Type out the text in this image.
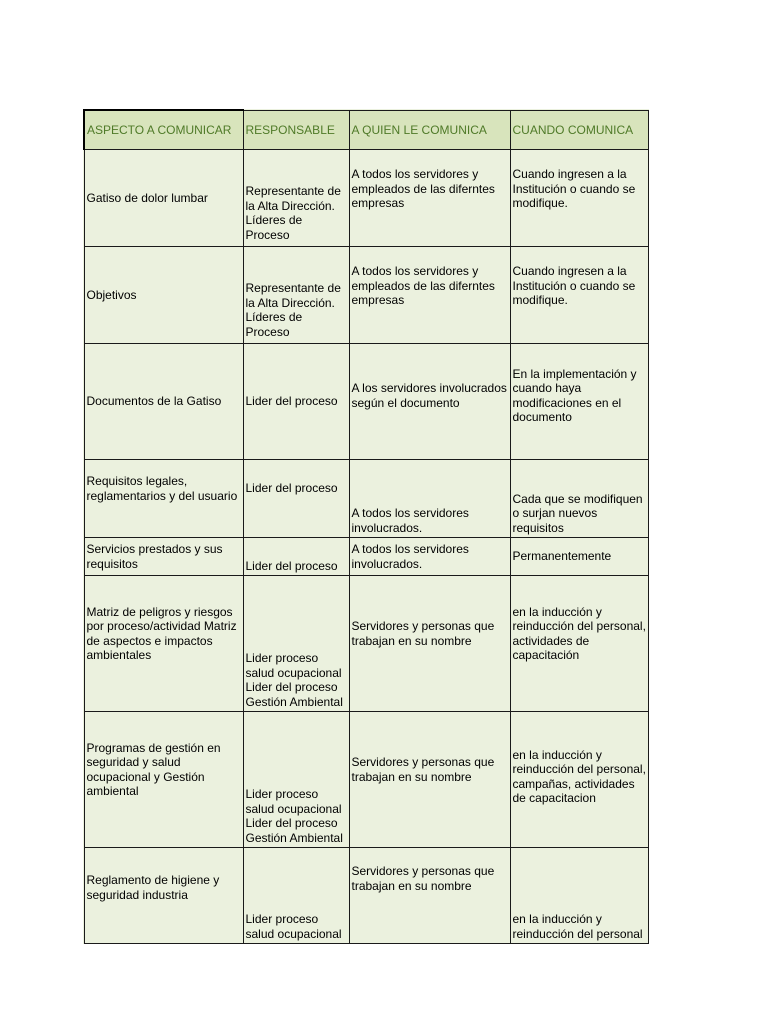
ASPECTO A COMUNICAR	RESPONSABLE	A QUIEN LE COMUNICA	CUANDO COMUNICA
Gatiso de dolor lumbar	Representante de la Alta Dirección. Líderes de Proceso	A todos los servidores y empleados de las diferntes empresas	Cuando ingresen a la Institución o cuando se modifique.
Objetivos	Representante de la Alta Dirección. Líderes de Proceso	A todos los servidores y empleados de las diferntes empresas	Cuando ingresen a la Institución o cuando se modifique.
Documentos de la Gatiso	Lider del proceso	A los servidores involucrados según el documento	En la implementación y cuando haya modificaciones en el documento
Requisitos legales, reglamentarios y del usuario	Lider del proceso	A todos los servidores involucrados.	Cada que se modifiquen o surjan nuevos requisitos
Servicios prestados y sus requisitos	Lider del proceso	A todos los servidores involucrados.	Permanentemente
Matriz de peligros y riesgos por proceso/actividad Matriz de aspectos e impactos ambientales	Lider proceso salud ocupacional Lider del proceso Gestión Ambiental	Servidores y personas que trabajan en su nombre	en la inducción y reinducción del personal, actividades de capacitación
Programas de gestión en seguridad y salud ocupacional y Gestión ambiental	Lider proceso salud ocupacional Lider del proceso Gestión Ambiental	Servidores y personas que trabajan en su nombre	en la inducción y reinducción del personal, campañas, actividades de capacitacion
Reglamento de higiene y seguridad industria	Lider proceso salud ocupacional	Servidores y personas que trabajan en su nombre	en la inducción y reinducción del personal
